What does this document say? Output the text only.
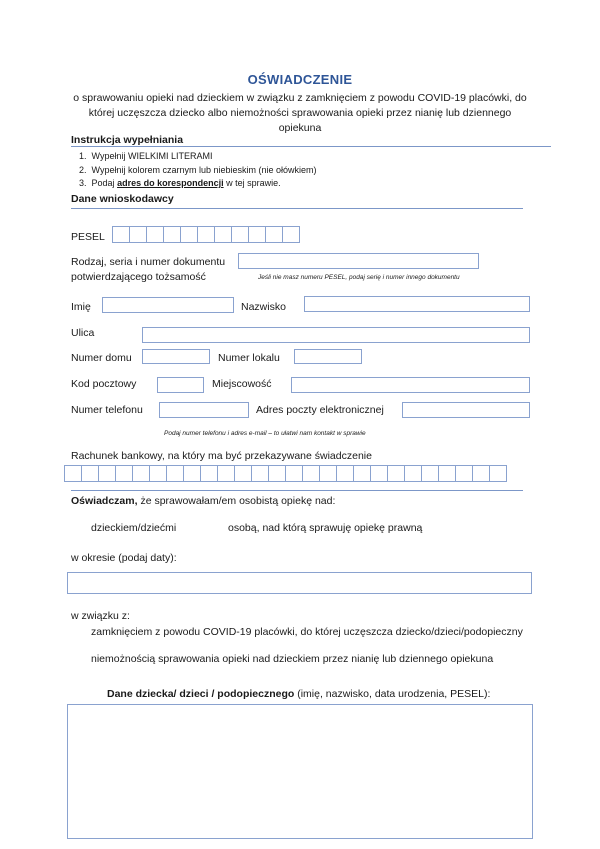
OŚWIADCZENIE
o sprawowaniu opieki nad dzieckiem w związku z zamknięciem z powodu COVID-19 placówki, do której uczęszcza dziecko albo niemożności sprawowania opieki przez nianię lub dziennego opiekuna
Instrukcja wypełniania
1. Wypełnij WIELKIMI LITERAMI
2. Wypełnij kolorem czarnym lub niebieskim (nie ołówkiem)
3. Podaj adres do korespondencji w tej sprawie.
Dane wnioskodawcy
PESEL
Rodzaj, seria i numer dokumentu
potwierdzającego tożsamość	Jeśli nie masz numeru PESEL, podaj serię i numer innego dokumentu
Imię	Nazwisko
Ulica
Numer domu	Numer lokalu
Kod pocztowy	Miejscowość
Numer telefonu	Adres poczty elektronicznej
Podaj numer telefonu i adres e-mail – to ułatwi nam kontakt w sprawie
Rachunek bankowy, na który ma być przekazywane świadczenie
Oświadczam, że sprawowałam/em osobistą opiekę nad:
dzieckiem/dziećmi	osobą, nad którą sprawuję opiekę prawną
w okresie (podaj daty):
w związku z:
zamknięciem z powodu COVID-19 placówki, do której uczęszcza dziecko/dzieci/podopieczny
niemożnością sprawowania opieki nad dzieckiem przez nianię lub dziennego opiekuna
Dane dziecka/ dzieci / podopiecznego (imię, nazwisko, data urodzenia, PESEL):
